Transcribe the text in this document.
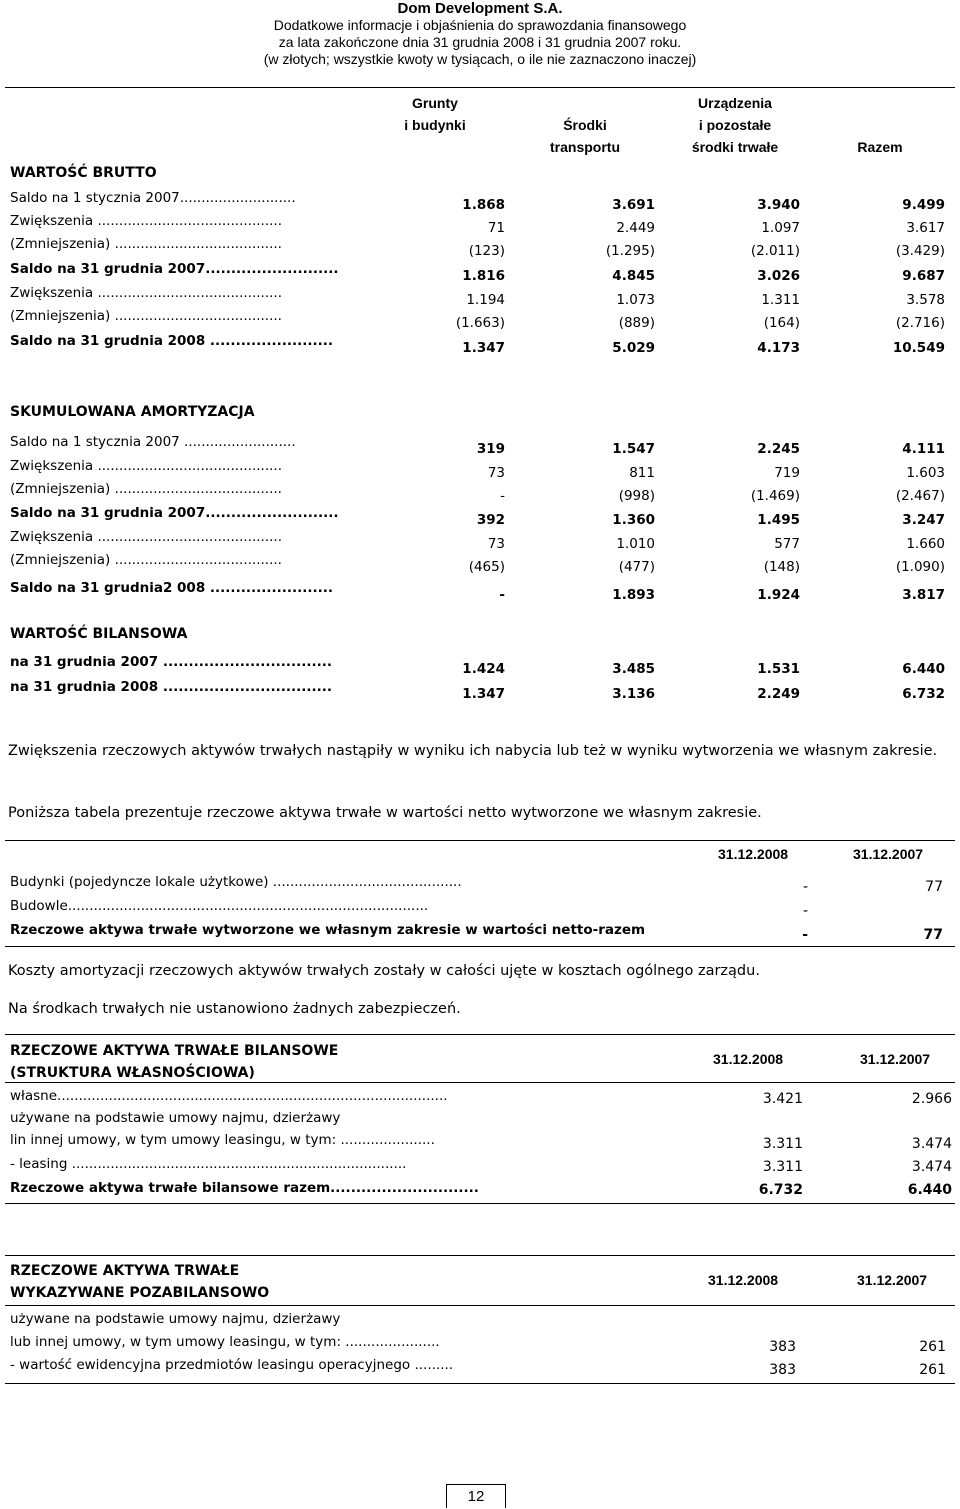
Dom Development S.A.
Dodatkowe informacje i objaśnienia do sprawozdania finansowego
za lata zakończone dnia 31 grudnia 2008 i 31 grudnia 2007 roku.
(w złotych; wszystkie kwoty w tysiącach, o ile nie zaznaczono inaczej)
Grunty
i budynki	Środki
transportu
Urządzenia
i pozostałe
środki trwałe	Razem
WARTOŚĆ BRUTTO
Saldo na 1 stycznia 2007...........................	1.868	3.691	3.940	9.499
Zwiększenia ...........................................	71	2.449	1.097	3.617
(Zmniejszenia) .......................................	(123)	(1.295)	(2.011)	(3.429)
Saldo na 31 grudnia 2007..........................	1.816	4.845	3.026	9.687
Zwiększenia ...........................................	1.194	1.073	1.311	3.578
(Zmniejszenia) .......................................	(1.663)	(889)	(164)	(2.716)
Saldo na 31 grudnia 2008 ........................	1.347	5.029	4.173	10.549
SKUMULOWANA AMORTYZACJA
Saldo na 1 stycznia 2007 ..........................	319	1.547	2.245	4.111
Zwiększenia ...........................................	73	811	719	1.603
(Zmniejszenia) .......................................	-	(998)	(1.469)	(2.467)
Saldo na 31 grudnia 2007..........................	392	1.360	1.495	3.247
Zwiększenia ...........................................	73	1.010	577	1.660
(Zmniejszenia) .......................................	(465)	(477)	(148)	(1.090)
Saldo na 31 grudnia2 008 ........................	-	1.893	1.924	3.817
WARTOŚĆ BILANSOWA
na 31 grudnia 2007 .................................	1.424	3.485	1.531	6.440
na 31 grudnia 2008 .................................	1.347	3.136	2.249	6.732
Zwiększenia rzeczowych aktywów trwałych nastąpiły w wyniku ich nabycia lub też w wyniku wytworzenia we własnym zakresie.
Poniższa tabela prezentuje rzeczowe aktywa trwałe w wartości netto wytworzone we własnym zakresie.
31.12.2008	31.12.2007
Budynki (pojedyncze lokale użytkowe) ............................................	-	77
Budowle....................................................................................	-
Rzeczowe aktywa trwałe wytworzone we własnym zakresie w wartości netto-razem	-	77
Koszty amortyzacji rzeczowych aktywów trwałych zostały w całości ujęte w kosztach ogólnego zarządu.
Na środkach trwałych nie ustanowiono żadnych zabezpieczeń.
RZECZOWE AKTYWA TRWAŁE BILANSOWE
(STRUKTURA WŁASNOŚCIOWA)
31.12.2008	31.12.2007
własne...........................................................................................	3.421	2.966
używane na podstawie umowy najmu, dzierżawy
lin innej umowy, w tym umowy leasingu, w tym: ......................	3.311	3.474
- leasing ..............................................................................	3.311	3.474
Rzeczowe aktywa trwałe bilansowe razem.............................	6.732	6.440
RZECZOWE AKTYWA TRWAŁE
WYKAZYWANE POZABILANSOWO
31.12.2008	31.12.2007
używane na podstawie umowy najmu, dzierżawy
lub innej umowy, w tym umowy leasingu, w tym: ......................	383	261
- wartość ewidencyjna przedmiotów leasingu operacyjnego .........	383	261
12
